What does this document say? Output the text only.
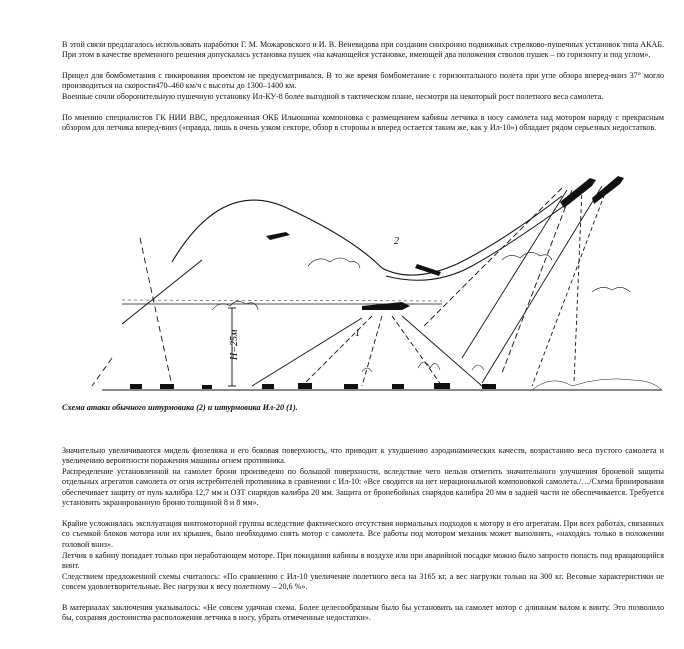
В этой связи предлагалось использовать наработки Г. М. Можаровского и И. В. Веневидова при создании синхронно подвижных стрелково-пушечных установок типа АКАБ. При этом в качестве временного решения допускалась установка пушек «на качающейся установке, имеющей два положения стволов пушек – по горизонту и под углом».

Прицел для бомбометания с пикирования проектом не предусматривался. В то же время бомбометание с горизонтального полета при угле обзора вперед-вниз 37° могло производиться на скорости470–460 км/ч с высоты до 1300–1400 км.

Военные сочли оборонительную пушечную установку Ил-КУ-8 более выгодной в тактическом плане, несмотря на некоторый рост полетного веса самолета.

По мнению специалистов ГК НИИ ВВС, предложенная ОКБ Ильюшина компоновка с размещением кабины летчика в носу самолета над мотором наряду с прекрасным обзором для летчика вперед-вниз («правда, лишь в очень узком секторе, обзор в стороны и вперед остается таким же, как у Ил-10») обладает рядом серьезных недостатков.

Н=25м	1
2
Схема атаки обычного штурмовика (2) и штурмовика Ил-20 (1).

Значительно увеличиваются мидель фюзеляжа и его боковая поверхность, что приводит к ухудшению аэродинамических качеств, возрастанию веса пустого самолета и увеличению вероятности поражения машины огнем противника.

Распределение установленной на самолет брони произведено по большой поверхности, вследствие чего нельзя отметить значительного улучшения броневой защиты отдельных агрегатов самолета от огня истребителей противника в сравнении с Ил-10: «Все сводится на нет нерациональной компоновкой самолета./…/Схема бронирования обеспечивает защиту от пуль калибра 12,7 мм и ОЗТ снарядов калибра 20 мм. Защита от бронебойных снарядов калибра 20 мм в задней части не обеспечивается. Требуется установить экранированную броню толщиной 8 и 8 мм».

Крайне усложнялась эксплуатация винтомоторной группы вследствие фактического отсутствия нормальных подходов к мотору и его агрегатам. При всех работах, связанных со съемкой блоков мотора или их крышек, было необходимо снять мотор с самолета. Все работы под мотором механик может выполнять, «находясь только в положении головой вниз».

Летчик в кабину попадает только при неработающем моторе. При покидании кабины в воздухе или при аварийной посадке можно было запросто попасть под вращающийся винт.

Следствием предложенной схемы считалось: «По сравнению с Ил-10 увеличение полетного веса на 3165 кг, а вес нагрузки только на 300 кг. Весовые характеристики не совсем удовлетворительные. Вес нагрузки к весу полетному – 20,6 %».

В материалах заключения указывалось: «Не совсем удачная схема. Более целесообразным было бы установить на самолет мотор с длинным валом к винту. Это позволило бы, сохраняя достоинства расположения летчика в носу, убрать отмеченные недостатки».
